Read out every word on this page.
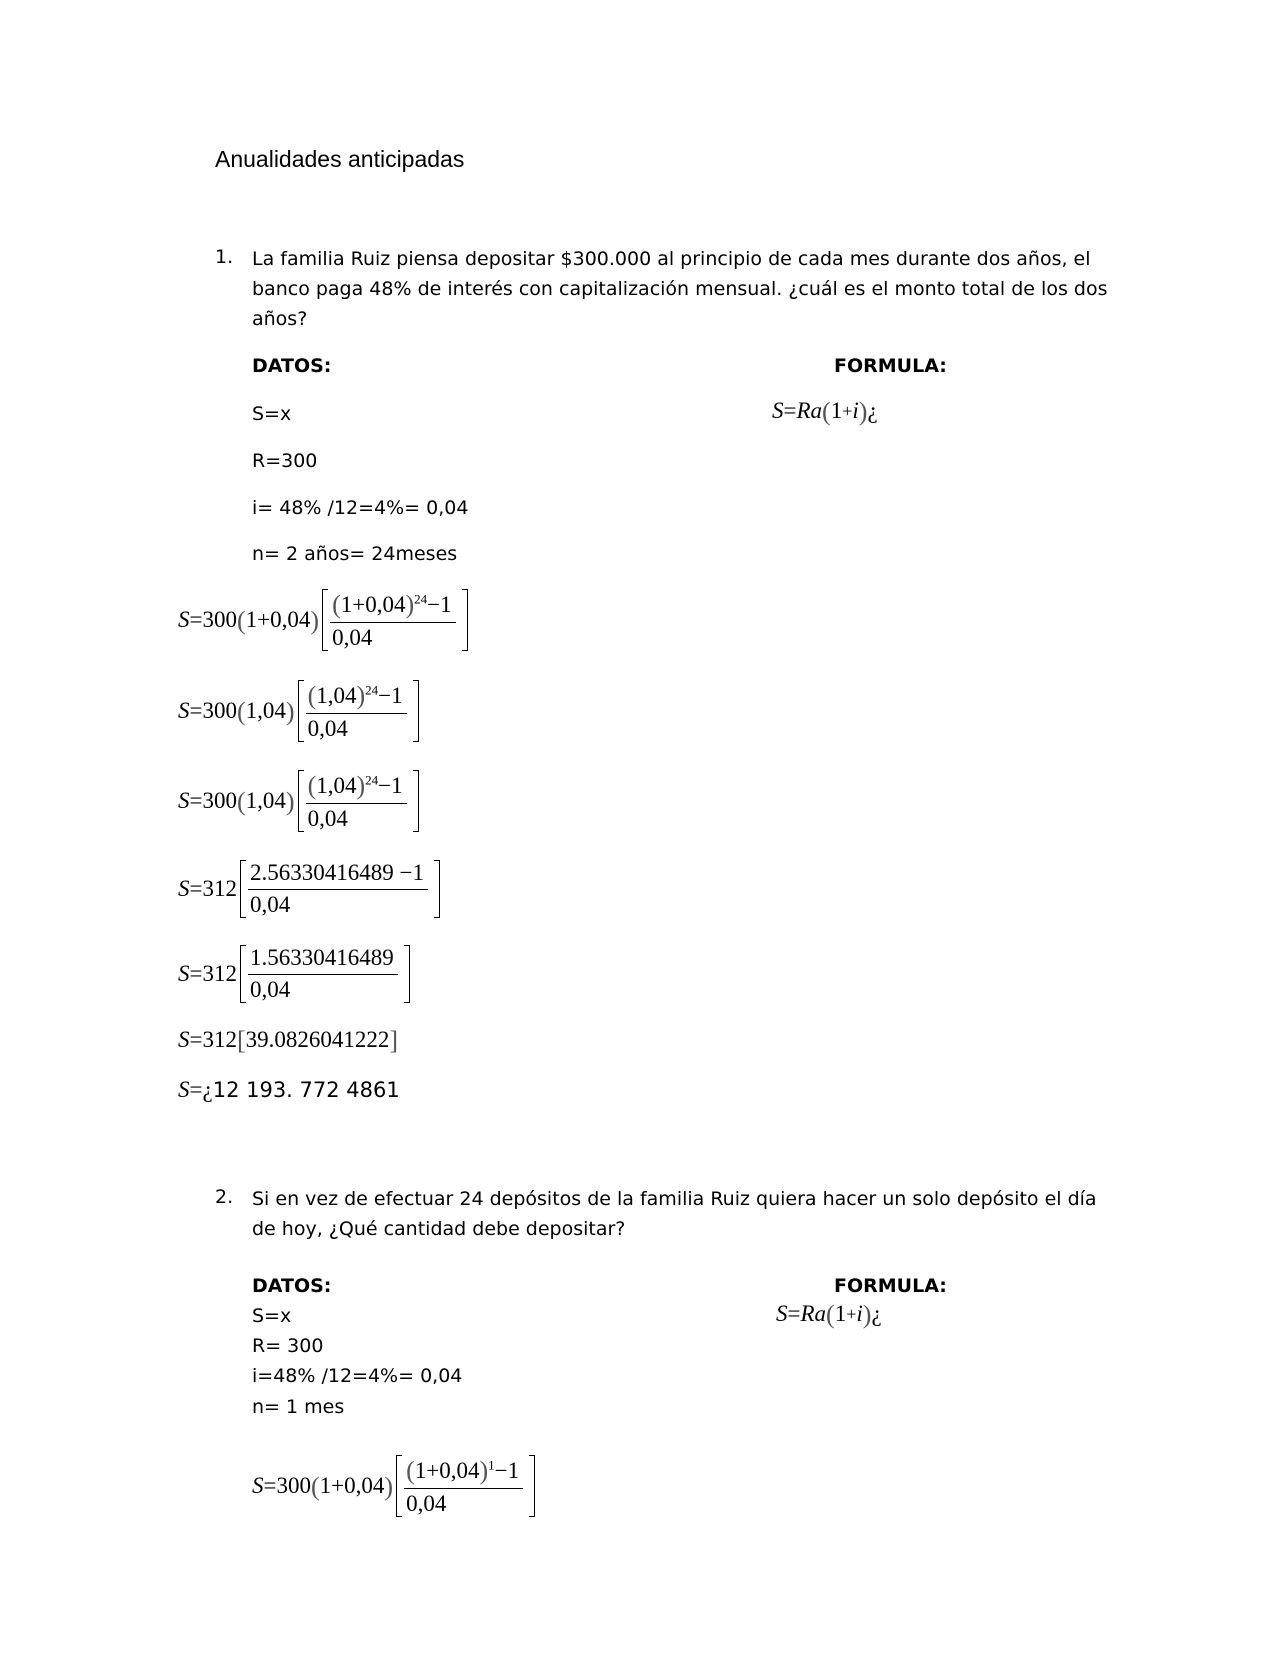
Anualidades anticipadas
1. La familia Ruiz piensa depositar $300.000 al principio de cada mes durante dos años, el banco paga 48% de interés con capitalización mensual. ¿cuál es el monto total de los dos años?
DATOS:	FORMULA:
S = R a ( 1 + i ) ¿
S=x
R=300
i= 48% /12=4%= 0,04
n= 2 años= 24meses
S = 300 ( 1+0,04 ) $\frac{(1+0,04)^{24}-1}{0,04}$
S = 300 ( 1,04 ) $\frac{(1,04)^{24}-1}{0,04}$
S = 300 ( 1,04 ) $\frac{(1,04)^{24}-1}{0,04}$
$S = 312 \frac{2.56330416489 -1}{0,04}$
$S = 312 \frac{1.56330416489}{0,04}$
S = 312 [ 39.0826041222 ]
S = ¿ 12 193. 772 4861
2. Si en vez de efectuar 24 depósitos de la familia Ruiz quiera hacer un solo depósito el día de hoy, ¿Qué cantidad debe depositar?
DATOS:	FORMULA:
S = R a ( 1 + i ) ¿
S=x
R= 300
i=48% /12=4%= 0,04
n= 1 mes
S = 300 ( 1+0,04 ) $\frac{(1+0,04)^1-1}{0,04}$
